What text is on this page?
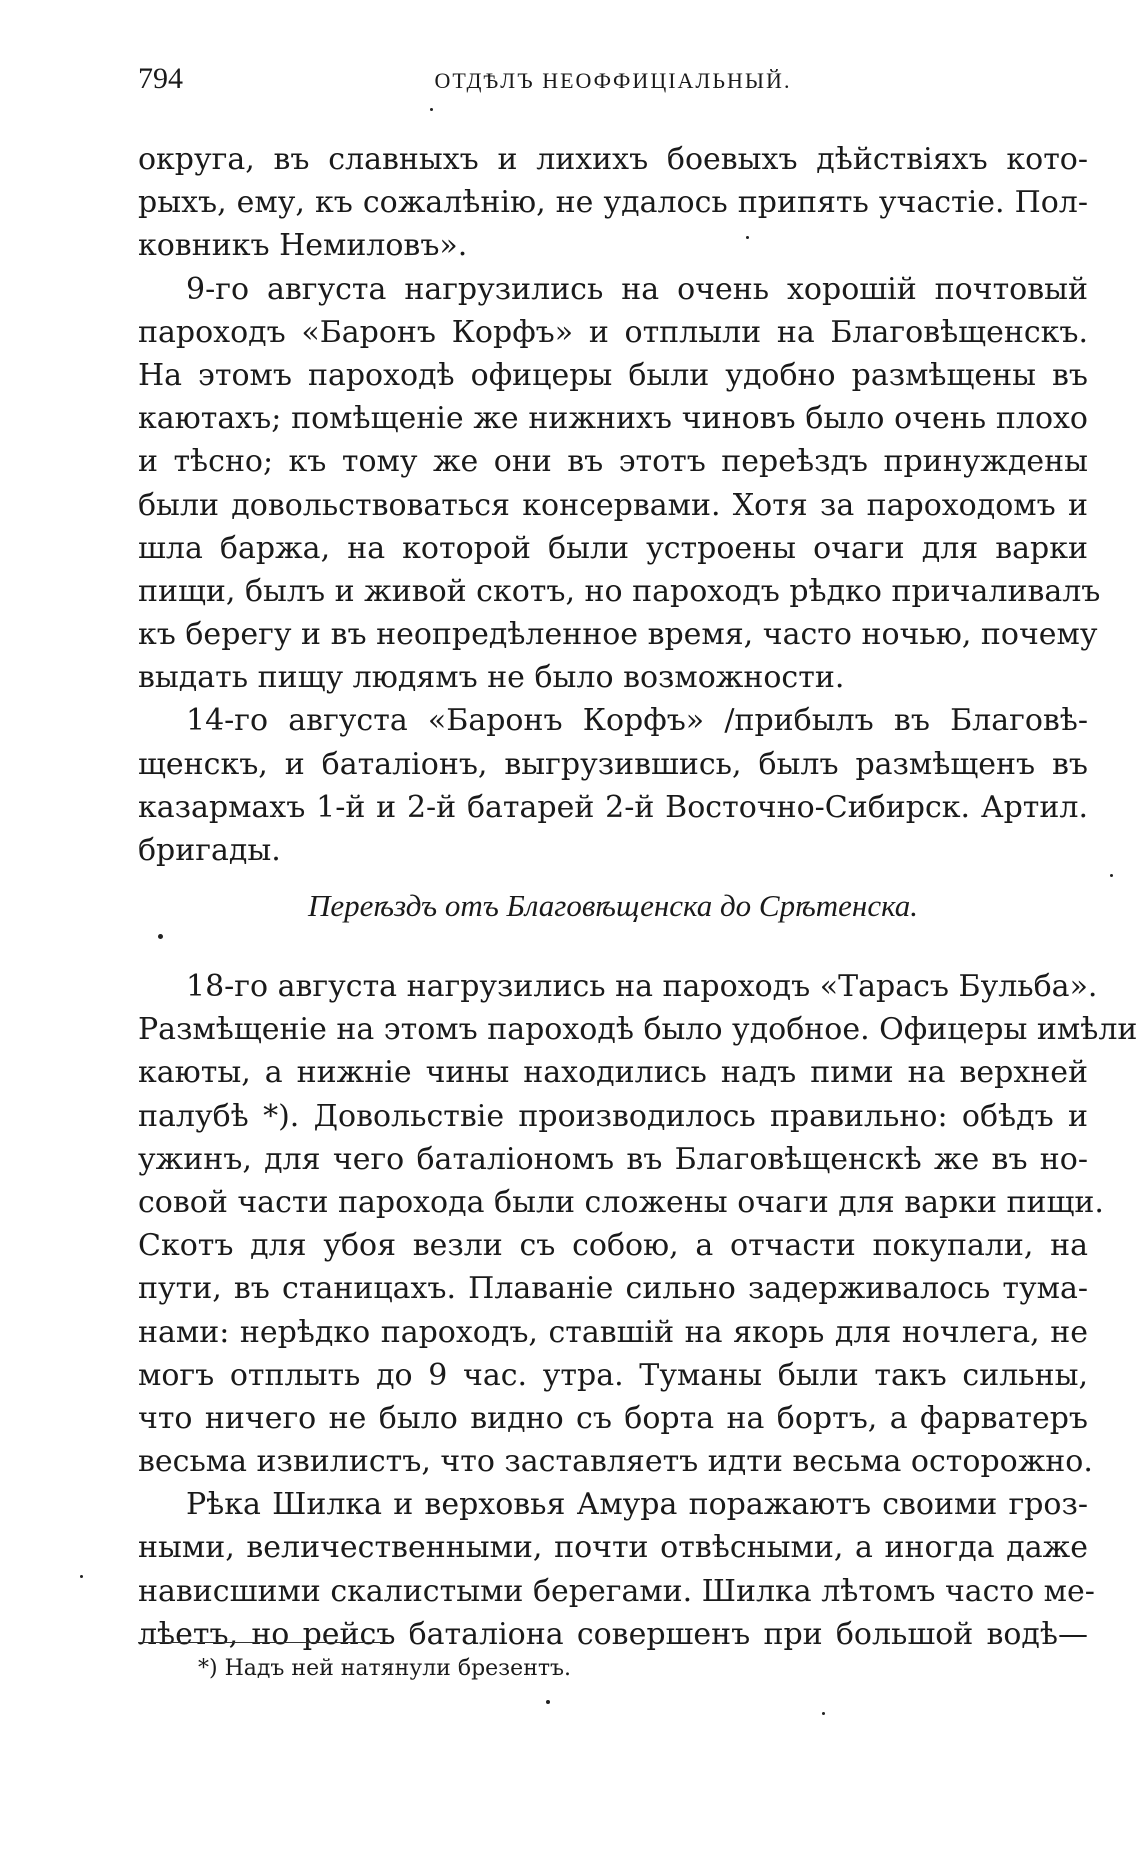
794	ОТДѢЛЪ НЕОФФИЦІАЛЬНЫЙ.
округа, въ славныхъ и лихихъ боевыхъ дѣйствіяхъ кото-
рыхъ, ему, къ сожалѣнію, не удалось припять участіе. Пол-
ковникъ Немиловъ».
9-го августа нагрузились на очень хорошій почтовый
пароходъ «Баронъ Корфъ» и отплыли на Благовѣщенскъ.
На этомъ пароходѣ офицеры были удобно размѣщены въ
каютахъ; помѣщеніе же нижнихъ чиновъ было очень плохо
и тѣсно; къ тому же они въ этотъ переѣздъ принуждены
были довольствоваться консервами. Хотя за пароходомъ и
шла баржа, на которой были устроены очаги для варки
пищи, былъ и живой скотъ, но пароходъ рѣдко причаливалъ
къ берегу и въ неопредѣленное время, часто ночью, почему
выдать пищу людямъ не было возможности.
14-го августа «Баронъ Корфъ» ∕прибылъ въ Благовѣ-
щенскъ, и баталіонъ, выгрузившись, былъ размѣщенъ въ
казармахъ 1-й и 2-й батарей 2-й Восточно-Сибирск. Артил.
бригады.
Переѣздъ отъ Благовѣщенска до Срѣтенска.
18-го августа нагрузились на пароходъ «Тарасъ Бульба».
Размѣщеніе на этомъ пароходѣ было удобное. Офицеры имѣли
каюты, а нижніе чины находились надъ пими на верхней
палубѣ *). Довольствіе производилось правильно: обѣдъ и
ужинъ, для чего баталіономъ въ Благовѣщенскѣ же въ но-
совой части парохода были сложены очаги для варки пищи.
Скотъ для убоя везли съ собою, а отчасти покупали, на
пути, въ станицахъ. Плаваніе сильно задерживалось тума-
нами: нерѣдко пароходъ, ставшій на якорь для ночлега, не
могъ отплыть до 9 час. утра. Туманы были такъ сильны,
что ничего не было видно съ борта на бортъ, а фарватеръ
весьма извилистъ, что заставляетъ идти весьма осторожно.
Рѣка Шилка и верховья Амура поражаютъ своими гроз-
ными, величественными, почти отвѣсными, а иногда даже
нависшими скалистыми берегами. Шилка лѣтомъ часто ме-
лѣетъ, но рейсъ баталіона совершенъ при большой водѣ—
*) Надъ ней натянули брезентъ.
